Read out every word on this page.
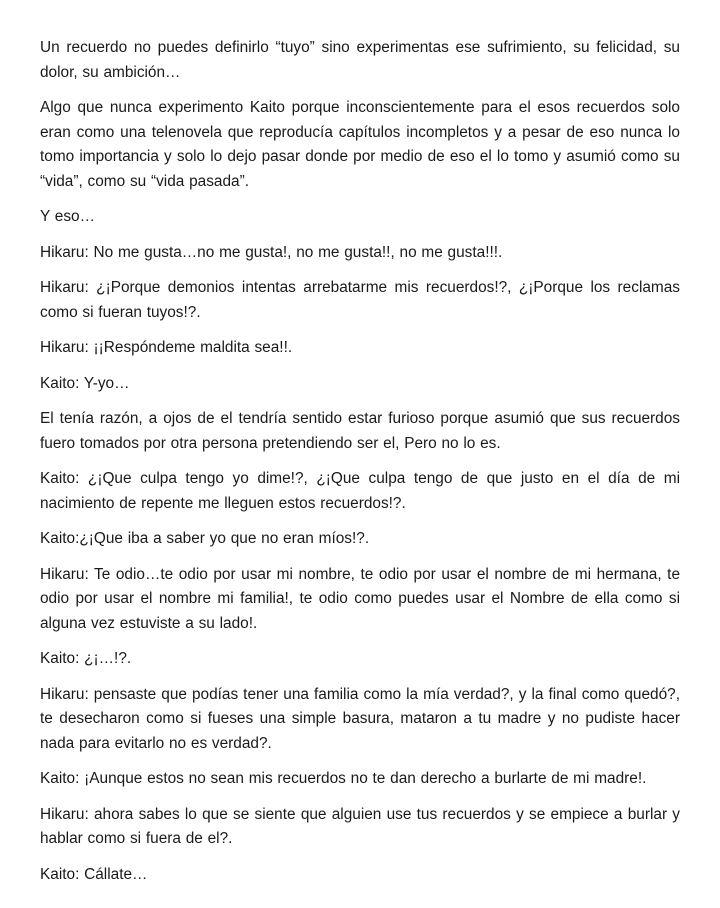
Un recuerdo no puedes definirlo “tuyo” sino experimentas ese sufrimiento, su felicidad, su dolor, su ambición…

Algo que nunca experimento Kaito porque inconscientemente para el esos recuerdos solo eran como una telenovela que reproducía capítulos incompletos y a pesar de eso nunca lo tomo importancia y solo lo dejo pasar donde por medio de eso el lo tomo y asumió como su “vida”, como su “vida pasada”.

Y eso…

Hikaru: No me gusta…no me gusta!, no me gusta!!, no me gusta!!!.

Hikaru: ¿¡Porque demonios intentas arrebatarme mis recuerdos!?, ¿¡Porque los reclamas como si fueran tuyos!?.

Hikaru: ¡¡Respóndeme maldita sea!!.

Kaito: Y-yo…

El tenía razón, a ojos de el tendría sentido estar furioso porque asumió que sus recuerdos fuero tomados por otra persona pretendiendo ser el, Pero no lo es.

Kaito: ¿¡Que culpa tengo yo dime!?, ¿¡Que culpa tengo de que justo en el día de mi nacimiento de repente me lleguen estos recuerdos!?.

Kaito:¿¡Que iba a saber yo que no eran míos!?.

Hikaru: Te odio…te odio por usar mi nombre, te odio por usar el nombre de mi hermana, te odio por usar el nombre mi familia!, te odio como puedes usar el Nombre de ella como si alguna vez estuviste a su lado!.

Kaito: ¿¡…!?.

Hikaru: pensaste que podías tener una familia como la mía verdad?, y la final como quedó?, te desecharon como si fueses una simple basura, mataron a tu madre y no pudiste hacer nada para evitarlo no es verdad?.

Kaito: ¡Aunque estos no sean mis recuerdos no te dan derecho a burlarte de mi madre!.

Hikaru: ahora sabes lo que se siente que alguien use tus recuerdos y se empiece a burlar y hablar como si fuera de el?.

Kaito: Cállate…
